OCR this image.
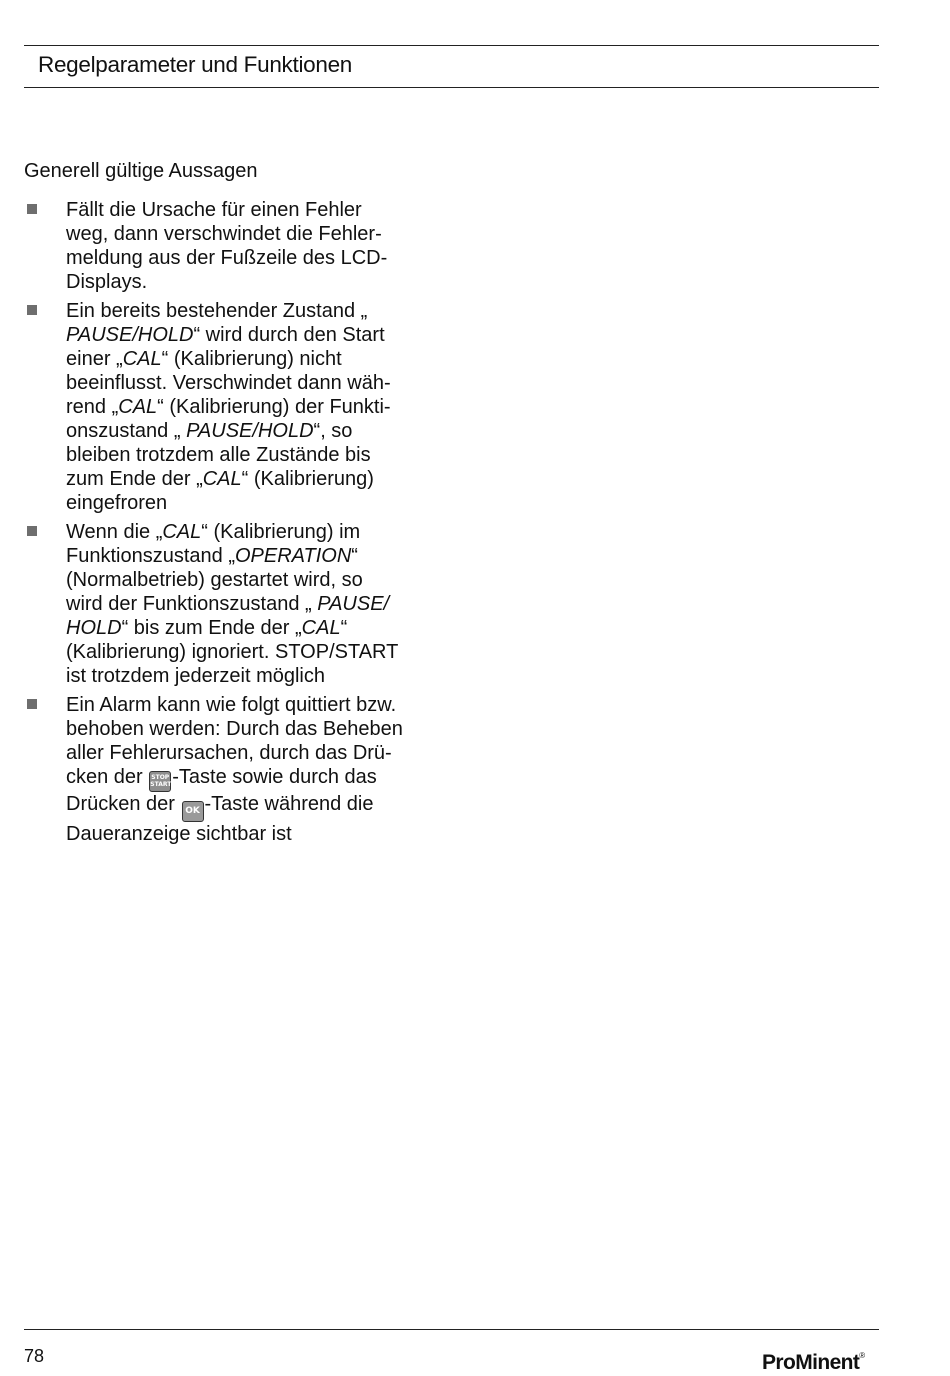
Regelparameter und Funktionen
Generell gültige Aussagen
Fällt die Ursache für einen Fehler
weg, dann verschwindet die Fehler-
meldung aus der Fußzeile des LCD-
Displays.
Ein bereits bestehender Zustand „
PAUSE/HOLD“ wird durch den Start
einer „CAL“ (Kalibrierung) nicht
beeinflusst. Verschwindet dann wäh-
rend „CAL“ (Kalibrierung) der Funkti-
onszustand „ PAUSE/HOLD“, so
bleiben trotzdem alle Zustände bis
zum Ende der „CAL“ (Kalibrierung)
eingefroren
Wenn die „CAL“ (Kalibrierung) im
Funktionszustand „OPERATION“
(Normalbetrieb) gestartet wird, so
wird der Funktionszustand „ PAUSE/
HOLD“ bis zum Ende der „CAL“
(Kalibrierung) ignoriert. STOP/START
ist trotzdem jederzeit möglich
Ein Alarm kann wie folgt quittiert bzw.
behoben werden: Durch das Beheben
aller Fehlerursachen, durch das Drü-
cken der STOP
START -Taste sowie durch das
Drücken der OK -Taste während die
Daueranzeige sichtbar ist
78	ProMinent®
